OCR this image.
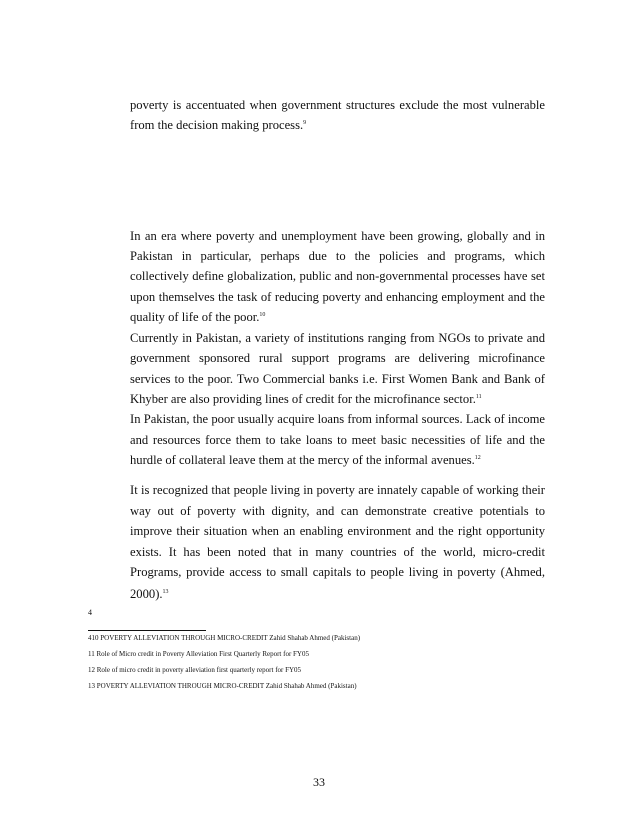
poverty is accentuated when government structures exclude the most vulnerable
from the decision making process.$^9$
In an era where poverty and unemployment have been growing, globally and in
Pakistan in particular, perhaps due to the policies and programs, which
collectively define globalization, public and non-governmental processes have set
upon themselves the task of reducing poverty and enhancing employment and the
quality of life of the poor.$^{10}$
Currently in Pakistan, a variety of institutions ranging from NGOs to private and
government sponsored rural support programs are delivering microfinance
services to the poor. Two Commercial banks i.e. First Women Bank and Bank of
Khyber are also providing lines of credit for the microfinance sector.$^{11}$
In Pakistan, the poor usually acquire loans from informal sources. Lack of income
and resources force them to take loans to meet basic necessities of life and the
hurdle of collateral leave them at the mercy of the informal avenues.$^{12}$
It is recognized that people living in poverty are innately capable of working their
way out of poverty with dignity, and can demonstrate creative potentials to
improve their situation when an enabling environment and the right opportunity
exists. It has been noted that in many countries of the world, micro-credit
Programs, provide access to small capitals to people living in poverty (Ahmed,
2000).$^{13}$
4
410 POVERTY ALLEVIATION THROUGH MICRO-CREDIT Zahid Shahab Ahmed (Pakistan)
11 Role of Micro credit in Poverty Alleviation First Quarterly Report for FY05
12 Role of micro credit in poverty alleviation first quarterly report for FY05
13 POVERTY ALLEVIATION THROUGH MICRO-CREDIT Zahid Shahab Ahmed (Pakistan)
33
